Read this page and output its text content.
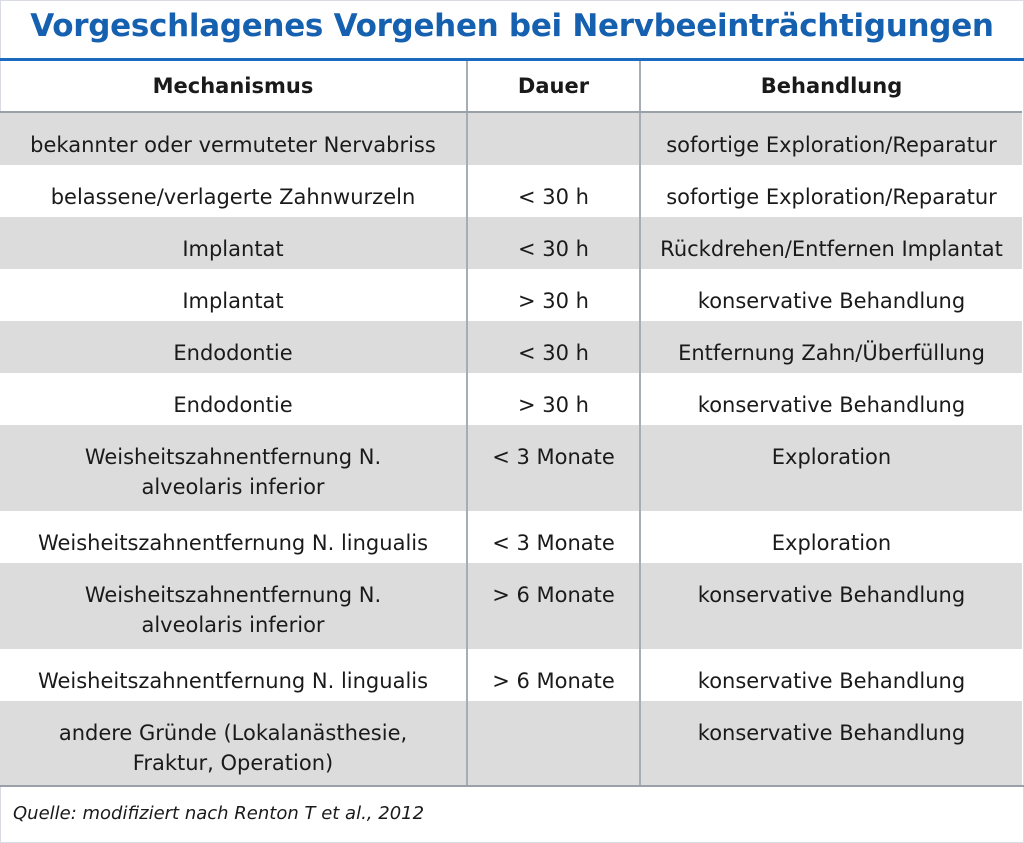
Vorgeschlagenes Vorgehen bei Nervbeeinträchtigungen
Mechanismus	Dauer	Behandlung
bekannter oder vermuteter Nervabriss		sofortige Exploration/Reparatur
belassene/verlagerte Zahnwurzeln	< 30 h	sofortige Exploration/Reparatur
Implantat	< 30 h	Rückdrehen/Entfernen Implantat
Implantat	> 30 h	konservative Behandlung
Endodontie	< 30 h	Entfernung Zahn/Überfüllung
Endodontie	> 30 h	konservative Behandlung
Weisheitszahnentfernung N.
alveolaris inferior	< 3 Monate	Exploration
Weisheitszahnentfernung N. lingualis	< 3 Monate	Exploration
Weisheitszahnentfernung N.
alveolaris inferior	> 6 Monate	konservative Behandlung
Weisheitszahnentfernung N. lingualis	> 6 Monate	konservative Behandlung
andere Gründe (Lokalanästhesie,
Fraktur, Operation)		konservative Behandlung
Quelle: modifiziert nach Renton T et al., 2012
